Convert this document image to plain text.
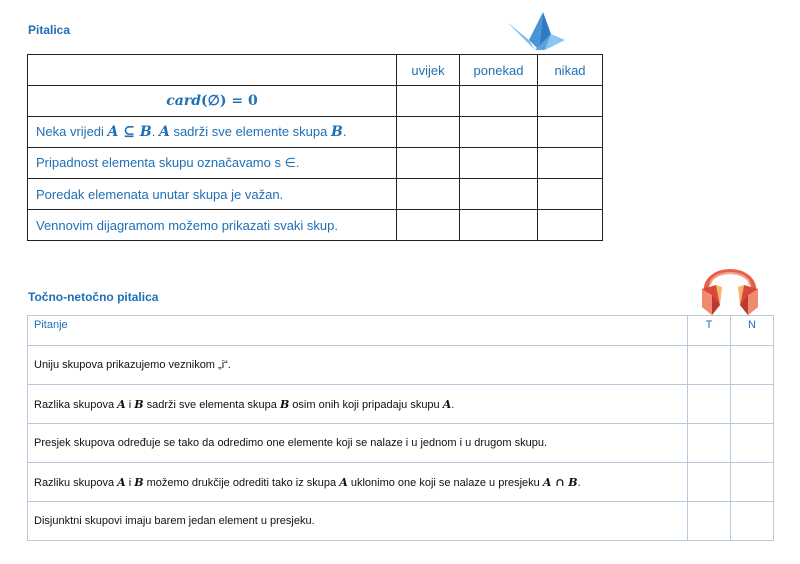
Pitalica
	uvijek	ponekad	nikad
card(∅) = 0			
Neka vrijedi A ⊆ B. A sadrži sve elemente skupa B.			
Pripadnost elementa skupu označavamo s ∈.			
Poredak elemenata unutar skupa je važan.			
Vennovim dijagramom možemo prikazati svaki skup.			
Točno-netočno pitalica
Pitanje	T	N
Uniju skupova prikazujemo veznikom „i“.		
Razlika skupova A i B sadrži sve elementa skupa B osim onih koji pripadaju skupu A.		
Presjek skupova određuje se tako da odredimo one elemente koji se nalaze i u jednom i u drugom skupu.		
Razliku skupova A i B možemo drukčije odrediti tako iz skupa A uklonimo one koji se nalaze u presjeku A ∩ B.		
Disjunktni skupovi imaju barem jedan element u presjeku.		
